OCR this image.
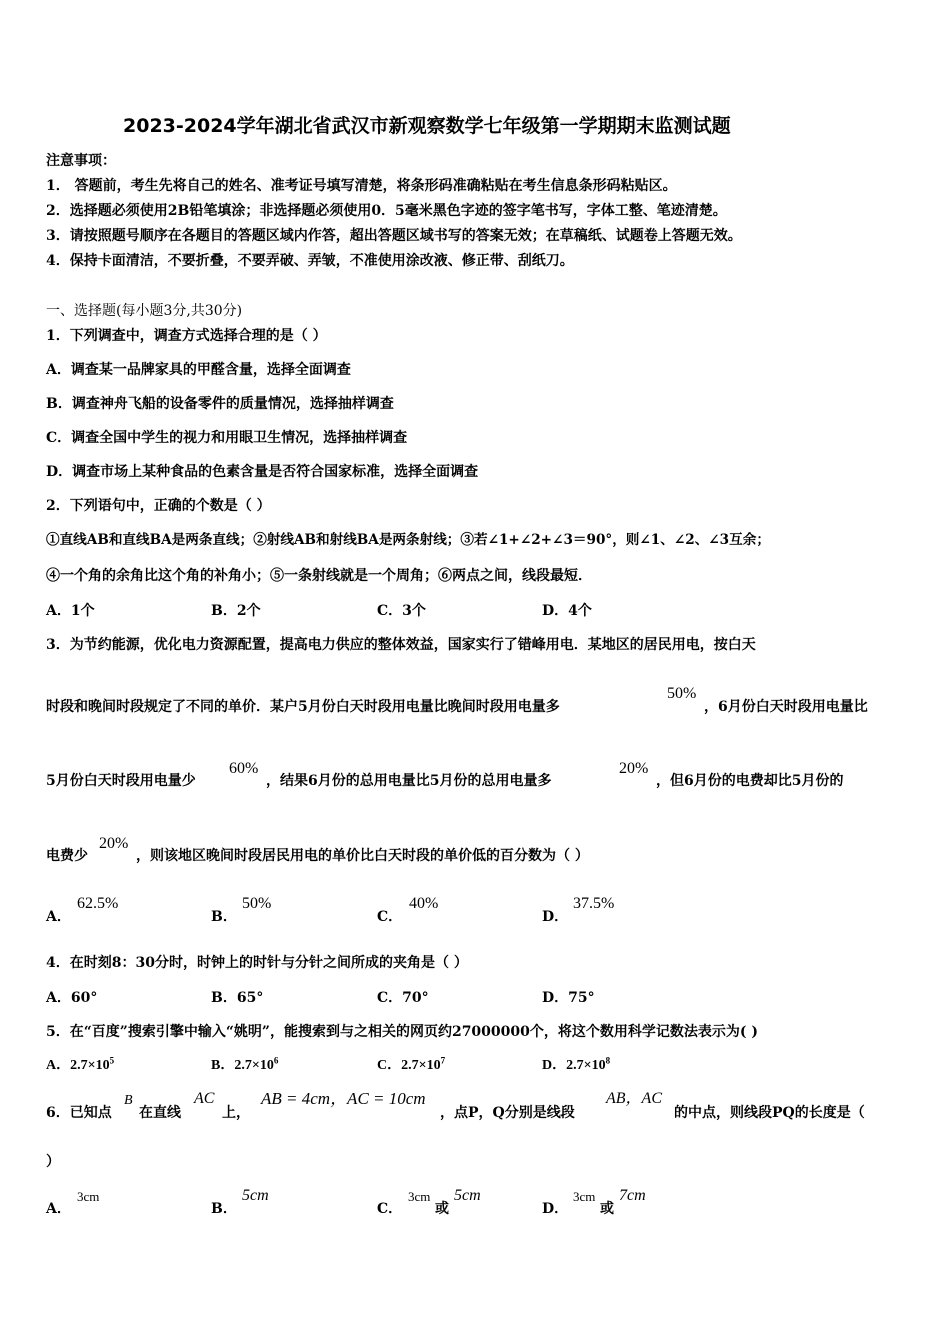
2023-2024学年湖北省武汉市新观察数学七年级第一学期期末监测试题
注意事项：
1． 答题前，考生先将自己的姓名、准考证号填写清楚，将条形码准确粘贴在考生信息条形码粘贴区。
2．选择题必须使用2B铅笔填涂；非选择题必须使用0．5毫米黑色字迹的签字笔书写，字体工整、笔迹清楚。
3．请按照题号顺序在各题目的答题区域内作答，超出答题区域书写的答案无效；在草稿纸、试题卷上答题无效。
4．保持卡面清洁，不要折叠，不要弄破、弄皱，不准使用涂改液、修正带、刮纸刀。
一、选择题(每小题3分,共30分)
1．下列调查中，调查方式选择合理的是（ ）
A．调查某一品牌家具的甲醛含量，选择全面调查
B．调查神舟飞船的设备零件的质量情况，选择抽样调查
C．调查全国中学生的视力和用眼卫生情况，选择抽样调查
D．调查市场上某种食品的色素含量是否符合国家标准，选择全面调查
2．下列语句中，正确的个数是（ ）
①直线AB和直线BA是两条直线；②射线AB和射线BA是两条射线；③若∠1+∠2+∠3＝90°，则∠1、∠2、∠3互余；
④一个角的余角比这个角的补角小；⑤一条射线就是一个周角；⑥两点之间，线段最短．
A．1个	B．2个	C．3个	D．4个
3．为节约能源，优化电力资源配置，提高电力供应的整体效益，国家实行了错峰用电．某地区的居民用电，按白天
时段和晚间时段规定了不同的单价．某户5月份白天时段用电量比晚间时段用电量多
50%
，6月份白天时段用电量比
5月份白天时段用电量少
60%
，结果6月份的总用电量比5月份的总用电量多
20%
，但6月份的电费却比5月份的
电费少
20%
，则该地区晚间时段居民用电的单价比白天时段的单价低的百分数为（ ）
A．
62.5%
B．
50%
C．
40%
D．
37.5%
4．在时刻8：30分时，时钟上的时针与分针之间所成的夹角是（ ）
A．60°	B．65°	C．70°	D．75°
5．在“百度”搜索引擎中输入“姚明”，能搜索到与之相关的网页约27000000个，将这个数用科学记数法表示为( )
A．$2.7\times 10^5$	B．$2.7\times 10^6$	C．$2.7\times 10^7$	D．$2.7\times 10^8$
6．已知点
B
在直线
AC
上，
AB = 4cm，AC = 10cm
，点P，Q分别是线段
AB，AC
的中点，则线段PQ的长度是（
）
A．
3cm
B．
5cm
C．
3cm
或
5cm
D．
3cm
或
7cm
